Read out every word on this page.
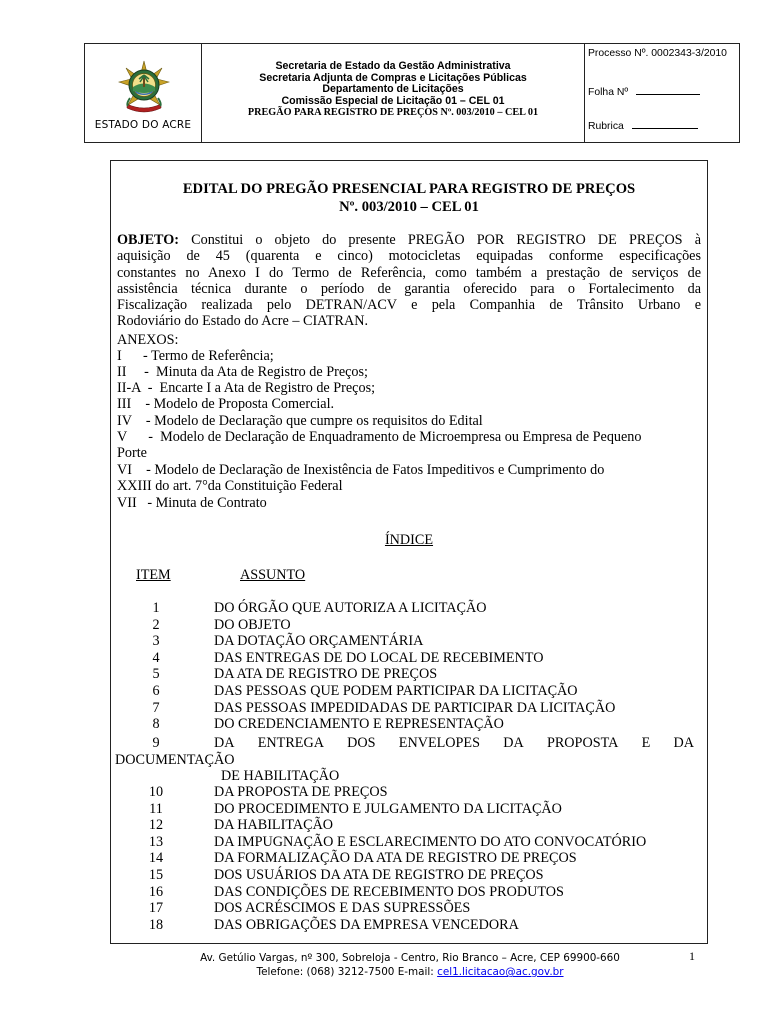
ESTADO DO ACRE
Secretaria de Estado da Gestão Administrativa
Secretaria Adjunta de Compras e Licitações Públicas
Departamento de Licitações
Comissão Especial de Licitação 01 – CEL 01
PREGÃO PARA REGISTRO DE PREÇOS Nº. 003/2010 – CEL 01
Processo Nº. 0002343-3/2010
Folha Nº
Rubrica
EDITAL DO PREGÃO PRESENCIAL PARA REGISTRO DE PREÇOS
Nº. 003/2010 – CEL 01
OBJETO: Constitui o objeto do presente PREGÃO POR REGISTRO DE PREÇOS à
aquisição de 45 (quarenta e cinco) motocicletas equipadas conforme especificações
constantes no Anexo I do Termo de Referência, como também a prestação de serviços de
assistência técnica durante o período de garantia oferecido para o Fortalecimento da
Fiscalização realizada pelo DETRAN/ACV e pela Companhia de Trânsito Urbano e
Rodoviário do Estado do Acre – CIATRAN.
ANEXOS:
I      - Termo de Referência;
II     -  Minuta da Ata de Registro de Preços;
II-A  -  Encarte I a Ata de Registro de Preços;
III    - Modelo de Proposta Comercial.
IV    - Modelo de Declaração que cumpre os requisitos do Edital
V      -  Modelo de Declaração de Enquadramento de Microempresa ou Empresa de Pequeno
Porte
VI    - Modelo de Declaração de Inexistência de Fatos Impeditivos e Cumprimento do
XXIII do art. 7°da Constituição Federal
VII   - Minuta de Contrato
ÍNDICE
ITEM	ASSUNTO
1	DO ÓRGÃO QUE AUTORIZA A LICITAÇÃO
2	DO OBJETO
3	DA DOTAÇÃO ORÇAMENTÁRIA
4	DAS ENTREGAS DE DO LOCAL DE RECEBIMENTO
5	DA ATA DE REGISTRO DE PREÇOS
6	DAS PESSOAS QUE PODEM PARTICIPAR DA LICITAÇÃO
7	DAS PESSOAS IMPEDIDADAS DE PARTICIPAR DA LICITAÇÃO
8	DO CREDENCIAMENTO E REPRESENTAÇÃO
9	DA ENTREGA DOS ENVELOPES DA PROPOSTA E DA
DOCUMENTAÇÃO
DE HABILITAÇÃO
10	DA PROPOSTA DE PREÇOS
11	DO PROCEDIMENTO E JULGAMENTO DA LICITAÇÃO
12	DA HABILITAÇÃO
13	DA IMPUGNAÇÃO E ESCLARECIMENTO DO ATO CONVOCATÓRIO
14	DA FORMALIZAÇÃO DA ATA DE REGISTRO DE PREÇOS
15	DOS USUÁRIOS DA ATA DE REGISTRO DE PREÇOS
16	DAS CONDIÇÕES DE RECEBIMENTO DOS PRODUTOS
17	DOS ACRÉSCIMOS E DAS SUPRESSÕES
18	DAS OBRIGAÇÕES DA EMPRESA VENCEDORA
Av. Getúlio Vargas, nº 300, Sobreloja - Centro, Rio Branco – Acre, CEP 69900-660
Telefone: (068) 3212-7500 E-mail: cel1.licitacao@ac.gov.br
1
